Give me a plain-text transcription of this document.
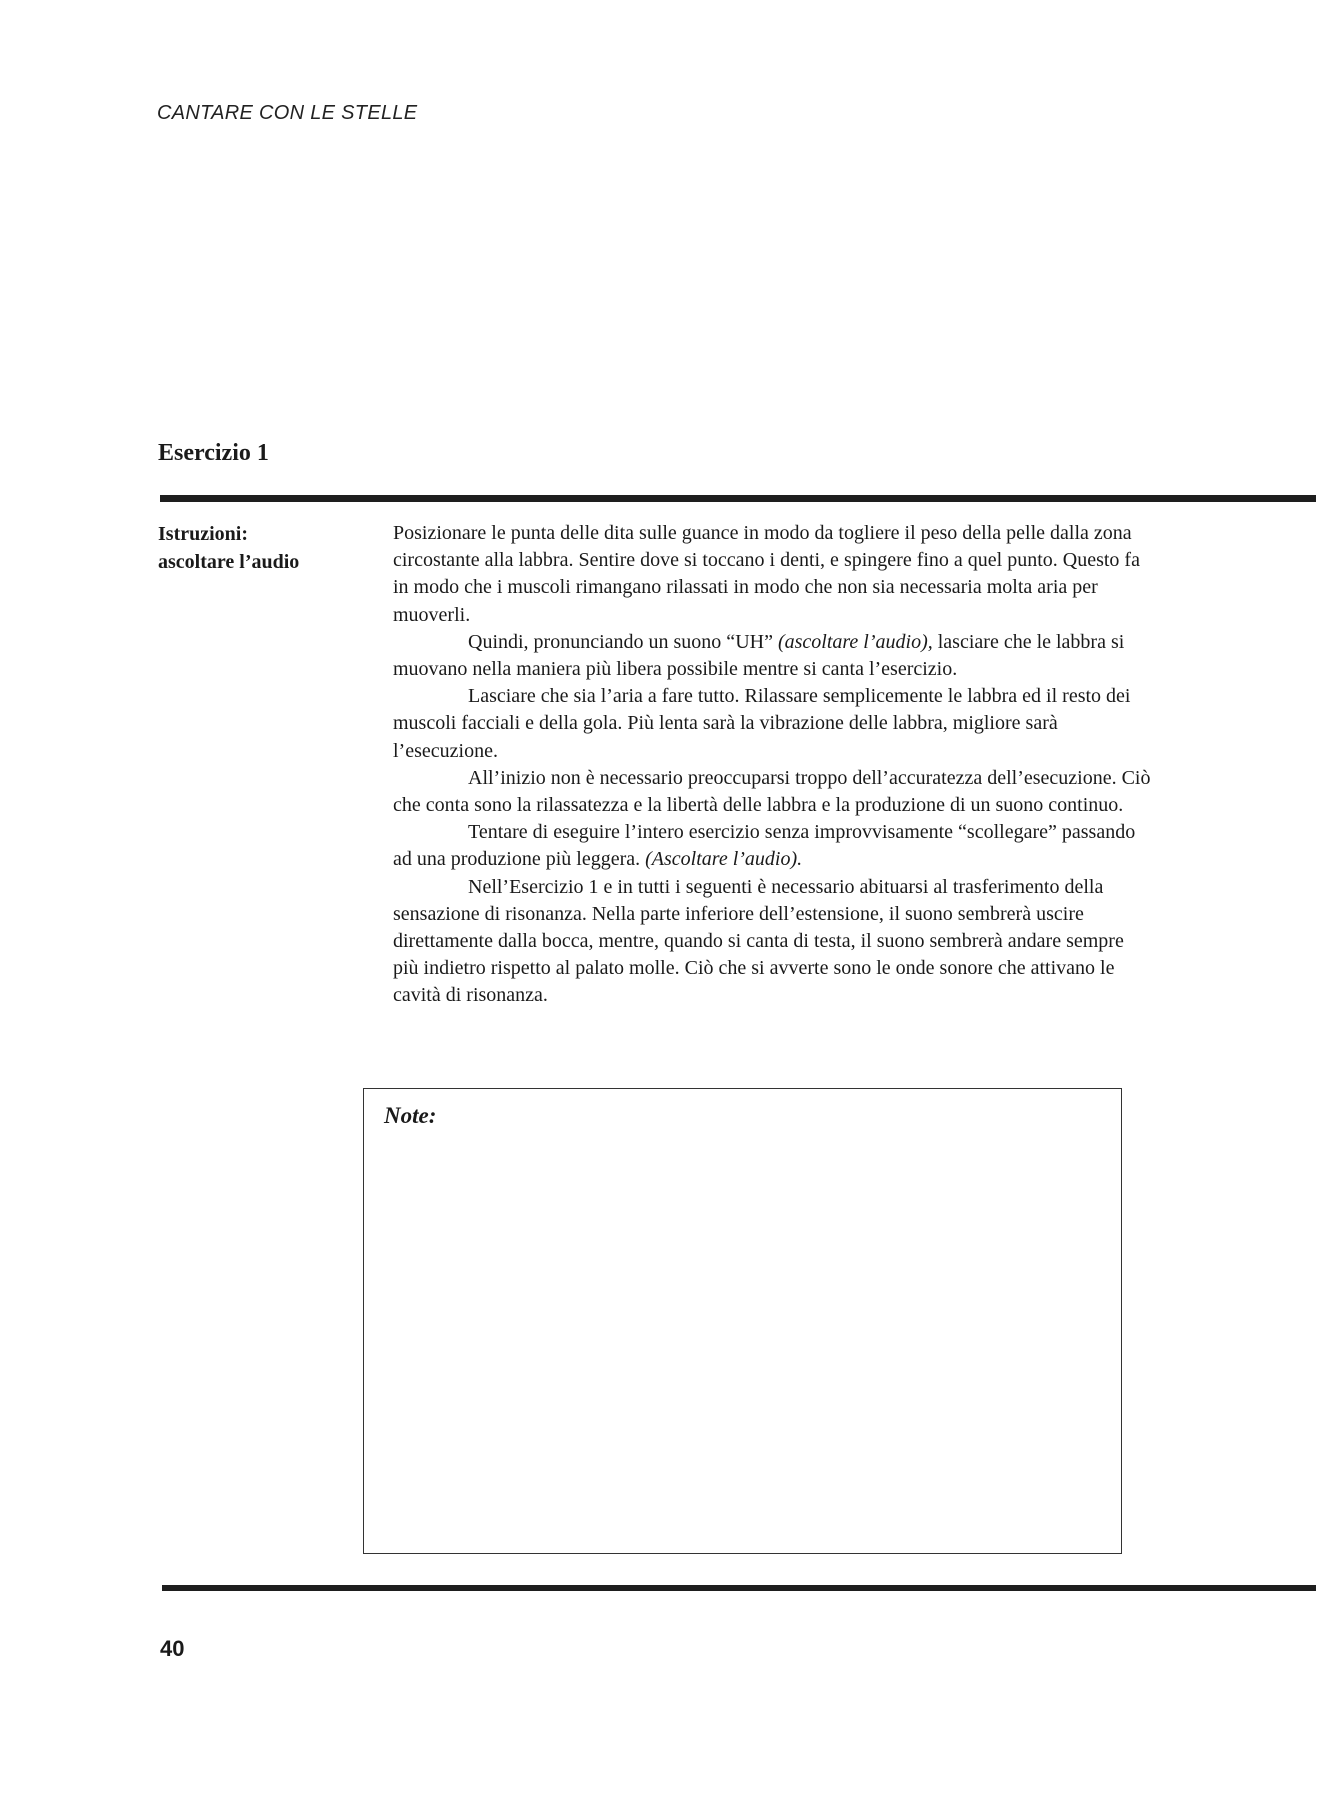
CANTARE CON LE STELLE
Esercizio 1
Istruzioni:
ascoltare l’audio

Posizionare le punta delle dita sulle guance in modo da togliere il peso della pelle dalla zona circostante alla labbra. Sentire dove si toccano i denti, e spingere fino a quel punto. Questo fa in modo che i muscoli rimangano rilassati in modo che non sia necessaria molta aria per muoverli.

Quindi, pronunciando un suono “UH” (ascoltare l’audio), lasciare che le labbra si muovano nella maniera più libera possibile mentre si canta l’esercizio.

Lasciare che sia l’aria a fare tutto. Rilassare semplicemente le labbra ed il resto dei muscoli facciali e della gola. Più lenta sarà la vibrazione delle labbra, migliore sarà l’esecuzione.

All’inizio non è necessario preoccuparsi troppo dell’accuratezza dell’esecuzione. Ciò che conta sono la rilassatezza e la libertà delle labbra e la produzione di un suono continuo.

Tentare di eseguire l’intero esercizio senza improvvisamente “scollegare” passando ad una produzione più leggera. (Ascoltare l’audio).

Nell’Esercizio 1 e in tutti i seguenti è necessario abituarsi al trasferimento della sensazione di risonanza. Nella parte inferiore dell’estensione, il suono sembrerà uscire direttamente dalla bocca, mentre, quando si canta di testa, il suono sembrerà andare sempre più indietro rispetto al palato molle. Ciò che si avverte sono le onde sonore che attivano le cavità di risonanza.

Note:
40
